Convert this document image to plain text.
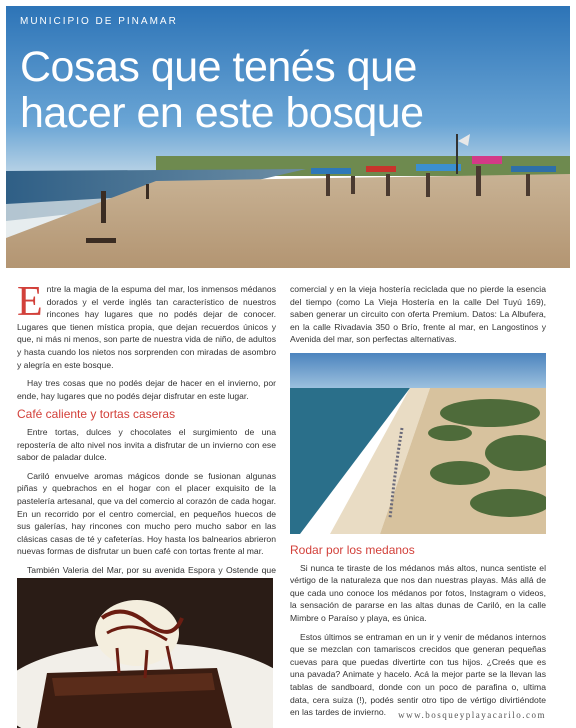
MUNICIPIO DE PINAMAR
Cosas que tenés que
hacer en este bosque

Entre la magia de la espuma del mar, los inmensos médanos dorados y el verde inglés tan característico de nuestros rincones hay lugares que no podés dejar de conocer. Lugares que tienen mística propia, que dejan recuerdos únicos y que, ni más ni menos, son parte de nuestra vida de niño, de adultos y hasta cuando los nietos nos sorprenden con miradas de asombro y alegría en este bosque.

Hay tres cosas que no podés dejar de hacer en el invierno, por ende, hay lugares que no podés dejar disfrutar en este lugar.

Café caliente y tortas caseras

Entre tortas, dulces y chocolates el surgimiento de una repostería de alto nivel nos invita a disfrutar de un invierno con ese sabor de paladar dulce.

Cariló envuelve aromas mágicos donde se fusionan algunas piñas y quebrachos en el hogar con el placer exquisito de la pastelería artesanal, que va del comercio al corazón de cada hogar. En un recorrido por el centro comercial, en pequeños huecos de sus galerías, hay rincones con mucho pero mucho sabor en las clásicas casas de té y cafeterías. Hoy hasta los balnearios abrieron nuevas formas de disfrutar un buen café con tortas frente al mar.

También Valeria del Mar, por su avenida Espora y Ostende que

comercial y en la vieja hostería reciclada que no pierde la esencia del tiempo (como La Vieja Hostería en la calle Del Tuyú 169), saben generar un circuito con oferta Premium. Datos: La Albufera, en la calle Rivadavia 350 o Brío, frente al mar, en Langostinos y Avenida del mar, son perfectas alternativas.

Rodar por los medanos

Si nunca te tiraste de los médanos más altos, nunca sentiste el vértigo de la naturaleza que nos dan nuestras playas. Más allá de que cada uno conoce los médanos por fotos, Instagram o videos, la sensación de pararse en las altas dunas de Cariló, en la calle Mimbre o Paraíso y playa, es única.

Estos últimos se entraman en un ir y venir de médanos internos que se mezclan con tamariscos crecidos que generan pequeñas cuevas para que puedas divertirte con tus hijos. ¿Creés que es una pavada? Animate y hacelo. Acá la mejor parte se la llevan las tablas de sandboard, donde con un poco de parafina o, ultima data, cera suiza (!), podés sentir otro tipo de vértigo divirtiéndote en las tardes de invierno.	www.bosqueyplayacarilo.com
